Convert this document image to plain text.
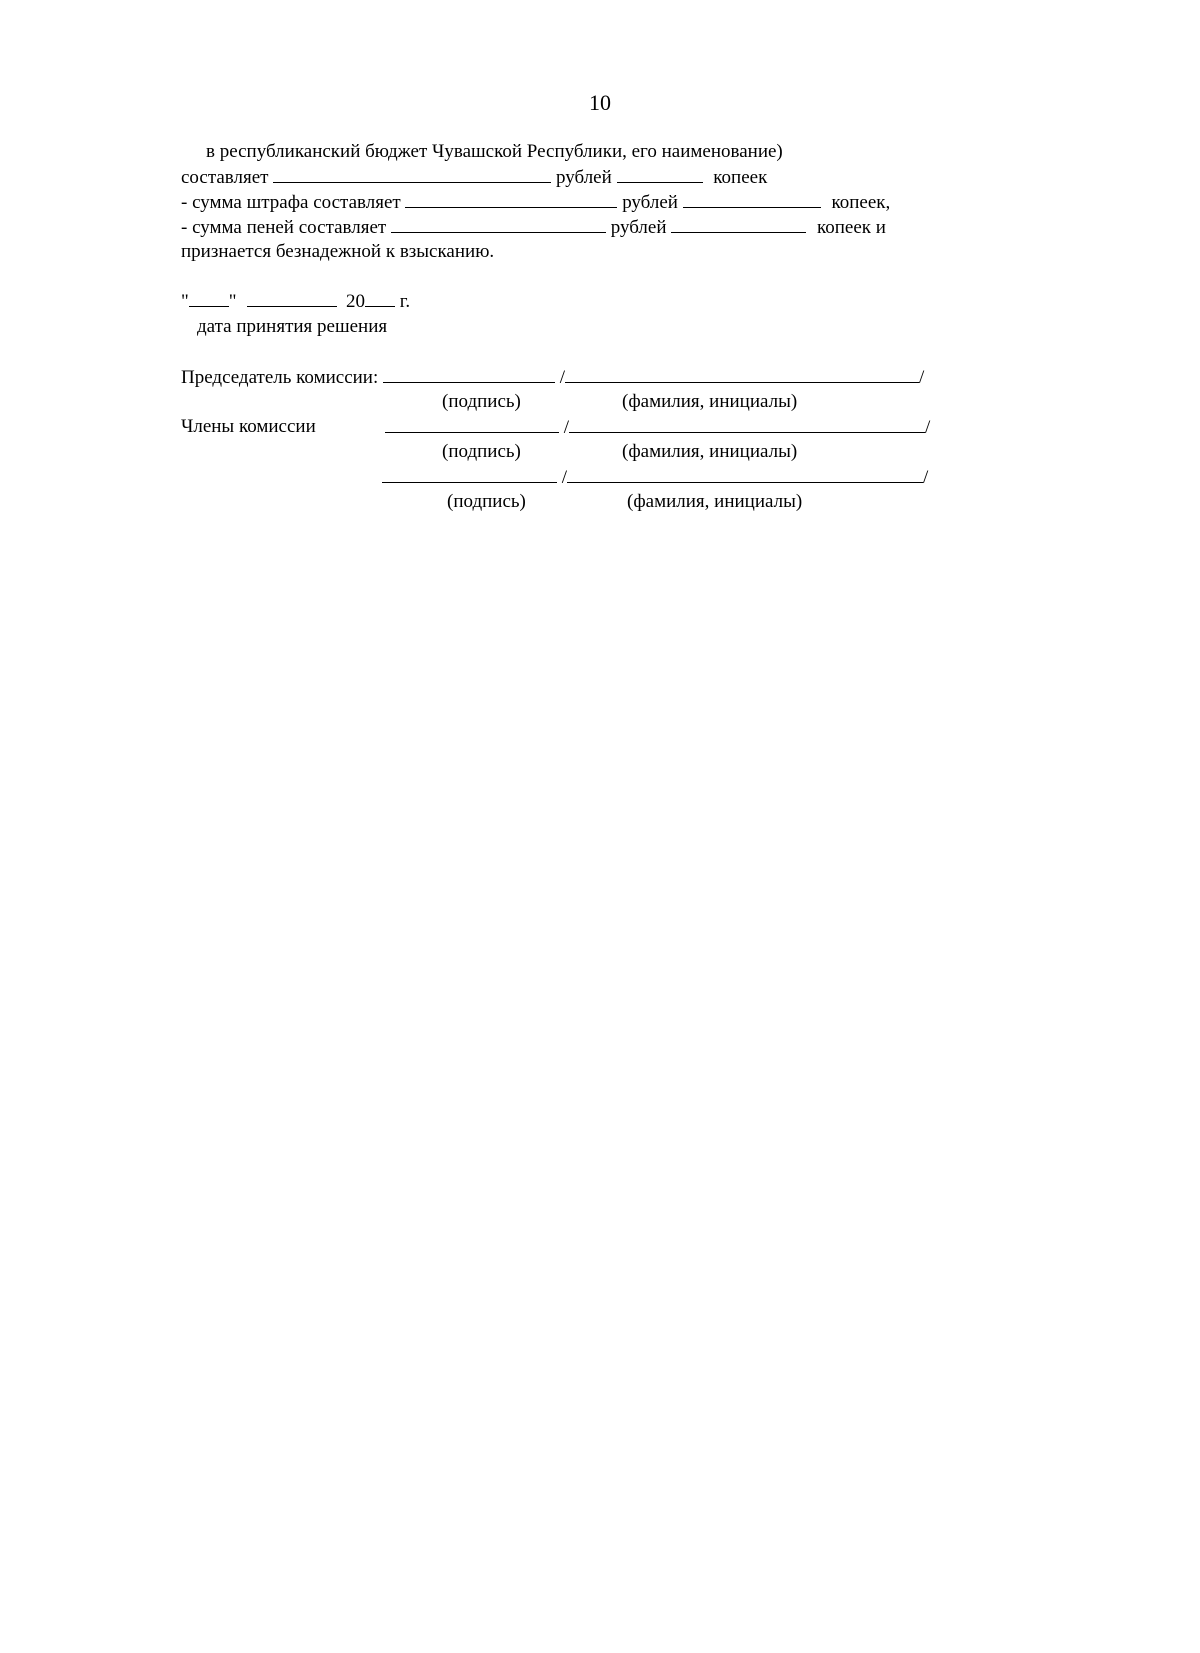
10
в республиканский бюджет Чувашской Республики, его наименование)
составляет	рублей	копеек
- сумма штрафа составляет	рублей	копеек,
- сумма пеней составляет	рублей	копеек и
признается безнадежной к взысканию.
" "	20 г.
дата принятия решения
Председатель комиссии:	/	/
(подпись)	(фамилия, инициалы)
Члены комиссии	/	/
(подпись)	(фамилия, инициалы)
/	/
(подпись)	(фамилия, инициалы)
